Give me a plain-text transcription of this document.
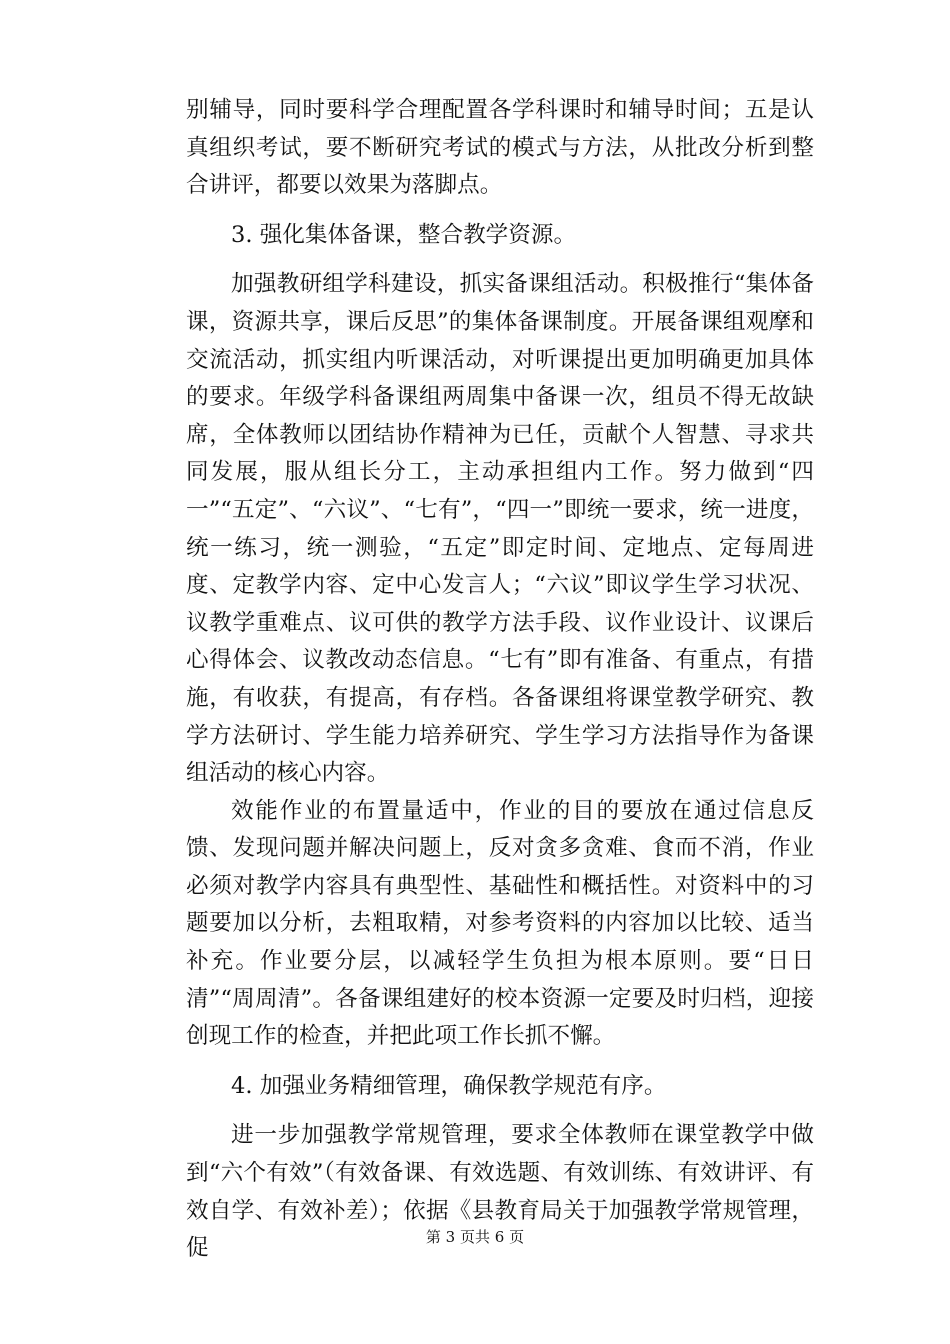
别辅导，同时要科学合理配置各学科课时和辅导时间；五是认真组织考试，要不断研究考试的模式与方法，从批改分析到整合讲评，都要以效果为落脚点。

3. 强化集体备课，整合教学资源。

加强教研组学科建设，抓实备课组活动。积极推行“集体备课，资源共享，课后反思”的集体备课制度。开展备课组观摩和交流活动，抓实组内听课活动，对听课提出更加明确更加具体的要求。年级学科备课组两周集中备课一次，组员不得无故缺席，全体教师以团结协作精神为已任，贡献个人智慧、寻求共同发展，服从组长分工，主动承担组内工作。努力做到“四一”“五定”、“六议”、“七有”，“四一”即统一要求，统一进度，统一练习，统一测验，“五定”即定时间、定地点、定每周进度、定教学内容、定中心发言人；“六议”即议学生学习状况、议教学重难点、议可供的教学方法手段、议作业设计、议课后心得体会、议教改动态信息。“七有”即有准备、有重点，有措施，有收获，有提高，有存档。各备课组将课堂教学研究、教学方法研讨、学生能力培养研究、学生学习方法指导作为备课组活动的核心内容。

效能作业的布置量适中，作业的目的要放在通过信息反馈、发现问题并解决问题上，反对贪多贪难、食而不消，作业必须对教学内容具有典型性、基础性和概括性。对资料中的习题要加以分析，去粗取精，对参考资料的内容加以比较、适当补充。作业要分层，以减轻学生负担为根本原则。要“日日清”“周周清”。各备课组建好的校本资源一定要及时归档，迎接创现工作的检查，并把此项工作长抓不懈。

4. 加强业务精细管理，确保教学规范有序。

进一步加强教学常规管理，要求全体教师在课堂教学中做到“六个有效”（有效备课、有效选题、有效训练、有效讲评、有效自学、有效补差）；依据《县教育局关于加强教学常规管理，促	第 3 页共 6 页
